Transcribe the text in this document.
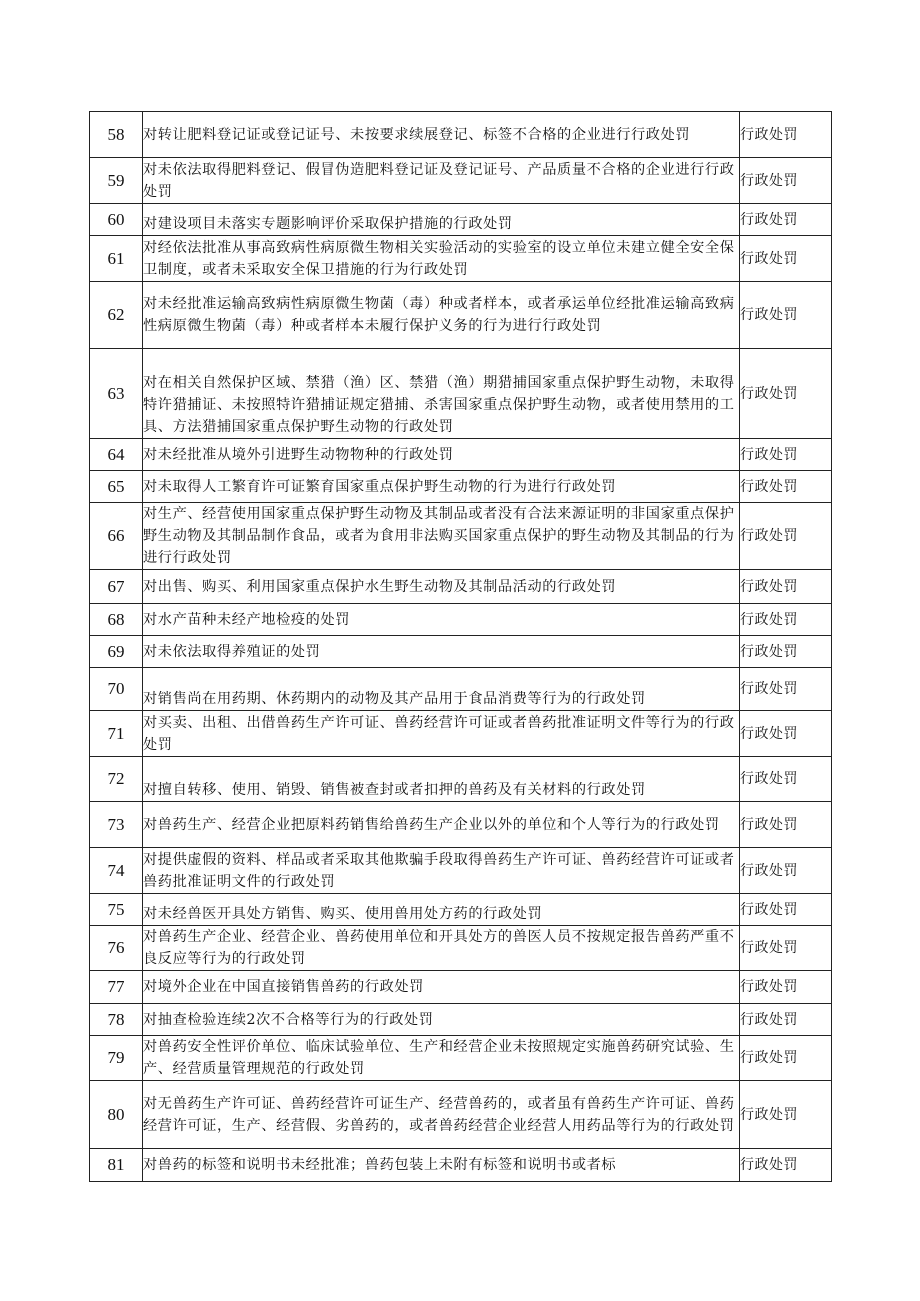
58	对转让肥料登记证或登记证号、未按要求续展登记、标签不合格的企业进行行政处罚	行政处罚
59	对未依法取得肥料登记、假冒伪造肥料登记证及登记证号、产品质量不合格的企业进行行政处罚	行政处罚
60	对建设项目未落实专题影响评价采取保护措施的行政处罚	行政处罚
61	对经依法批准从事高致病性病原微生物相关实验活动的实验室的设立单位未建立健全安全保卫制度，或者未采取安全保卫措施的行为行政处罚	行政处罚
62	对未经批准运输高致病性病原微生物菌（毒）种或者样本，或者承运单位经批准运输高致病性病原微生物菌（毒）种或者样本未履行保护义务的行为进行行政处罚	行政处罚
63	对在相关自然保护区域、禁猎（渔）区、禁猎（渔）期猎捕国家重点保护野生动物，未取得特许猎捕证、未按照特许猎捕证规定猎捕、杀害国家重点保护野生动物，或者使用禁用的工具、方法猎捕国家重点保护野生动物的行政处罚	行政处罚
64	对未经批准从境外引进野生动物物种的行政处罚	行政处罚
65	对未取得人工繁育许可证繁育国家重点保护野生动物的行为进行行政处罚	行政处罚
66	对生产、经营使用国家重点保护野生动物及其制品或者没有合法来源证明的非国家重点保护野生动物及其制品制作食品，或者为食用非法购买国家重点保护的野生动物及其制品的行为进行行政处罚	行政处罚
67	对出售、购买、利用国家重点保护水生野生动物及其制品活动的行政处罚	行政处罚
68	对水产苗种未经产地检疫的处罚	行政处罚
69	对未依法取得养殖证的处罚	行政处罚
70	对销售尚在用药期、休药期内的动物及其产品用于食品消费等行为的行政处罚	行政处罚
71	对买卖、出租、出借兽药生产许可证、兽药经营许可证或者兽药批准证明文件等行为的行政处罚	行政处罚
72	对擅自转移、使用、销毁、销售被查封或者扣押的兽药及有关材料的行政处罚	行政处罚
73	对兽药生产、经营企业把原料药销售给兽药生产企业以外的单位和个人等行为的行政处罚	行政处罚
74	对提供虚假的资料、样品或者采取其他欺骗手段取得兽药生产许可证、兽药经营许可证或者兽药批准证明文件的行政处罚	行政处罚
75	对未经兽医开具处方销售、购买、使用兽用处方药的行政处罚	行政处罚
76	对兽药生产企业、经营企业、兽药使用单位和开具处方的兽医人员不按规定报告兽药严重不良反应等行为的行政处罚	行政处罚
77	对境外企业在中国直接销售兽药的行政处罚	行政处罚
78	对抽查检验连续2次不合格等行为的行政处罚	行政处罚
79	对兽药安全性评价单位、临床试验单位、生产和经营企业未按照规定实施兽药研究试验、生产、经营质量管理规范的行政处罚	行政处罚
80	对无兽药生产许可证、兽药经营许可证生产、经营兽药的，或者虽有兽药生产许可证、兽药经营许可证，生产、经营假、劣兽药的，或者兽药经营企业经营人用药品等行为的行政处罚	行政处罚
81	对兽药的标签和说明书未经批准；兽药包装上未附有标签和说明书或者标	行政处罚
